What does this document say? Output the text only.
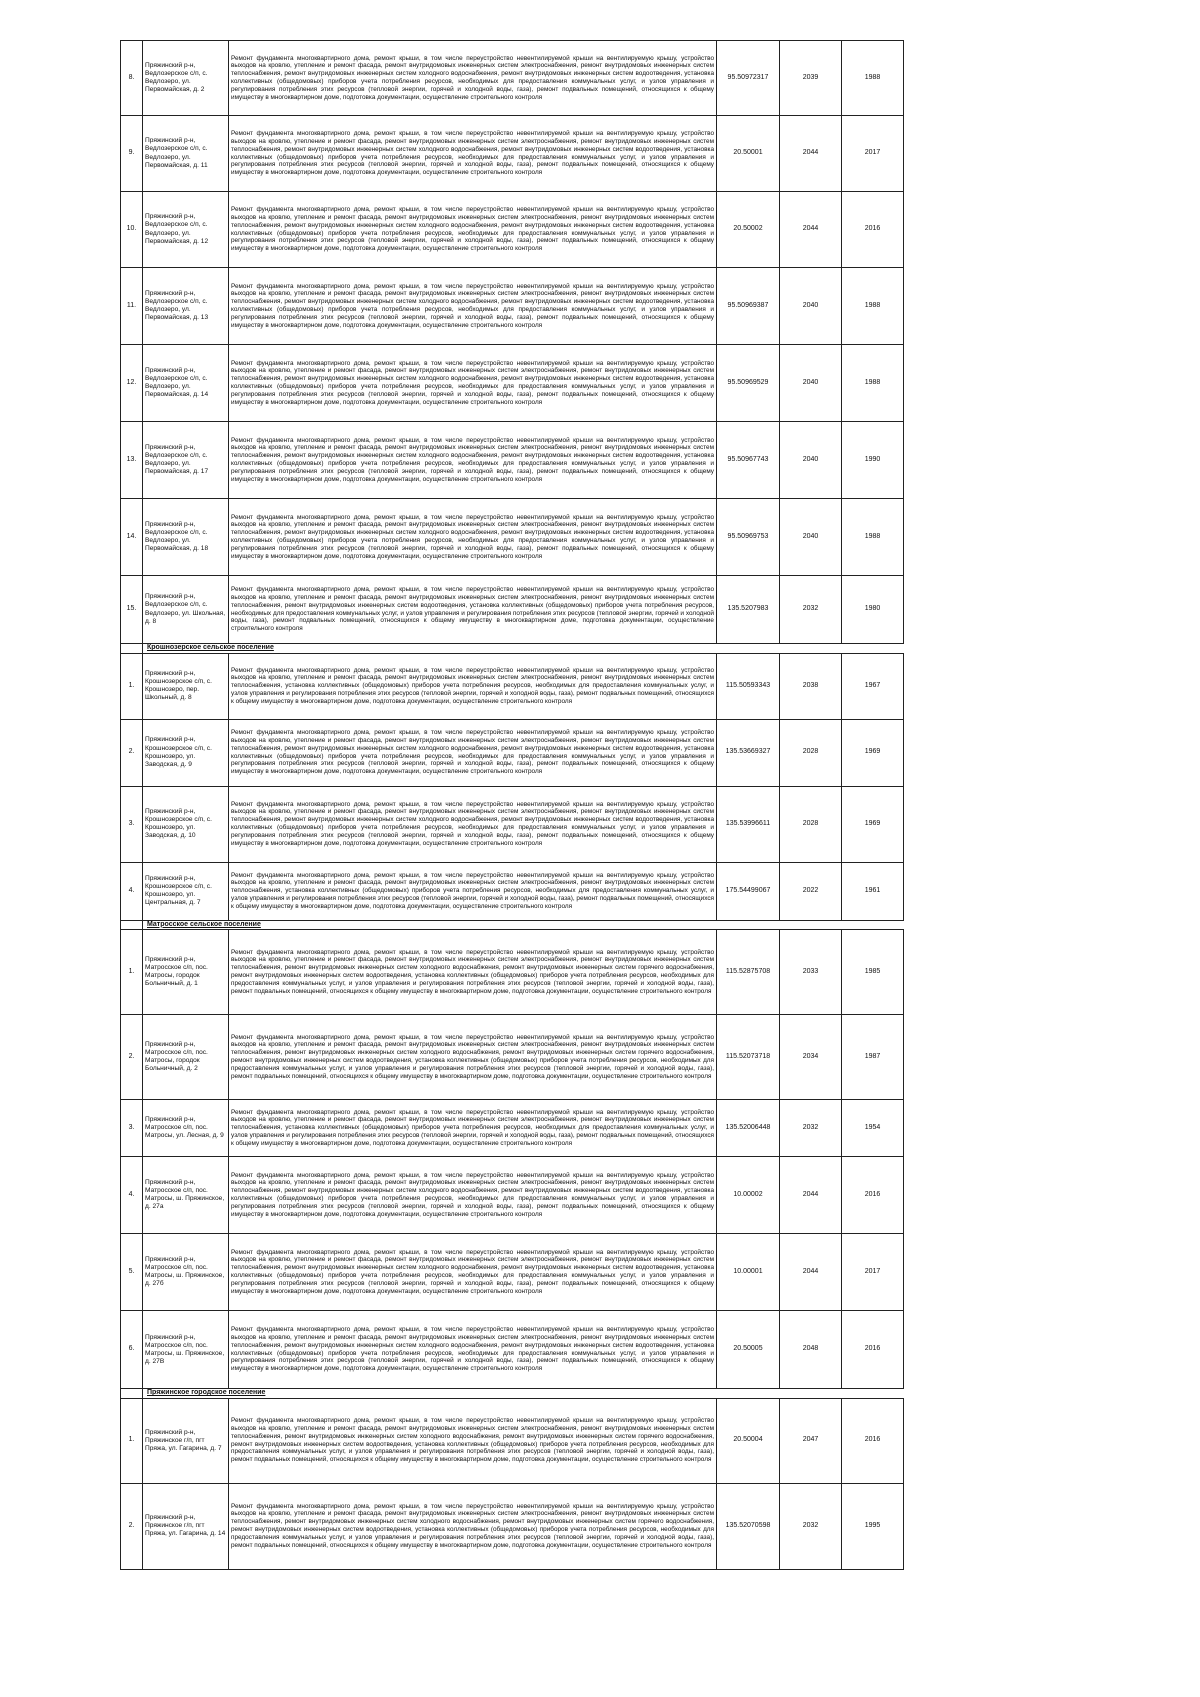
8.	Пряжинский р-н, Ведлозерское с/п, с. Ведлозеро, ул. Первомайская, д. 2	Ремонт фундамента многоквартирного дома, ремонт крыши, в том числе переустройство невентилируемой крыши на вентилируемую крышу, устройство выходов на кровлю, утепление и ремонт фасада, ремонт внутридомовых инженерных систем электроснабжения, ремонт внутридомовых инженерных систем теплоснабжения, ремонт внутридомовых инженерных систем холодного водоснабжения, ремонт внутридомовых инженерных систем водоотведения, установка коллективных (общедомовых) приборов учета потребления ресурсов, необходимых для предоставления коммунальных услуг, и узлов управления и регулирования потребления этих ресурсов (тепловой энергии, горячей и холодной воды, газа), ремонт подвальных помещений, относящихся к общему имуществу в многоквартирном доме, подготовка документации, осуществление строительного контроля	95.50972317	2039	1988
9.	Пряжинский р-н, Ведлозерское с/п, с. Ведлозеро, ул. Первомайская, д. 11	Ремонт фундамента многоквартирного дома, ремонт крыши, в том числе переустройство невентилируемой крыши на вентилируемую крышу, устройство выходов на кровлю, утепление и ремонт фасада, ремонт внутридомовых инженерных систем электроснабжения, ремонт внутридомовых инженерных систем теплоснабжения, ремонт внутридомовых инженерных систем холодного водоснабжения, ремонт внутридомовых инженерных систем водоотведения, установка коллективных (общедомовых) приборов учета потребления ресурсов, необходимых для предоставления коммунальных услуг, и узлов управления и регулирования потребления этих ресурсов (тепловой энергии, горячей и холодной воды, газа), ремонт подвальных помещений, относящихся к общему имуществу в многоквартирном доме, подготовка документации, осуществление строительного контроля	20.50001	2044	2017
10.	Пряжинский р-н, Ведлозерское с/п, с. Ведлозеро, ул. Первомайская, д. 12	Ремонт фундамента многоквартирного дома, ремонт крыши, в том числе переустройство невентилируемой крыши на вентилируемую крышу, устройство выходов на кровлю, утепление и ремонт фасада, ремонт внутридомовых инженерных систем электроснабжения, ремонт внутридомовых инженерных систем теплоснабжения, ремонт внутридомовых инженерных систем холодного водоснабжения, ремонт внутридомовых инженерных систем водоотведения, установка коллективных (общедомовых) приборов учета потребления ресурсов, необходимых для предоставления коммунальных услуг, и узлов управления и регулирования потребления этих ресурсов (тепловой энергии, горячей и холодной воды, газа), ремонт подвальных помещений, относящихся к общему имуществу в многоквартирном доме, подготовка документации, осуществление строительного контроля	20.50002	2044	2016
11.	Пряжинский р-н, Ведлозерское с/п, с. Ведлозеро, ул. Первомайская, д. 13	Ремонт фундамента многоквартирного дома, ремонт крыши, в том числе переустройство невентилируемой крыши на вентилируемую крышу, устройство выходов на кровлю, утепление и ремонт фасада, ремонт внутридомовых инженерных систем электроснабжения, ремонт внутридомовых инженерных систем теплоснабжения, ремонт внутридомовых инженерных систем холодного водоснабжения, ремонт внутридомовых инженерных систем водоотведения, установка коллективных (общедомовых) приборов учета потребления ресурсов, необходимых для предоставления коммунальных услуг, и узлов управления и регулирования потребления этих ресурсов (тепловой энергии, горячей и холодной воды, газа), ремонт подвальных помещений, относящихся к общему имуществу в многоквартирном доме, подготовка документации, осуществление строительного контроля	95.50969387	2040	1988
12.	Пряжинский р-н, Ведлозерское с/п, с. Ведлозеро, ул. Первомайская, д. 14	Ремонт фундамента многоквартирного дома, ремонт крыши, в том числе переустройство невентилируемой крыши на вентилируемую крышу, устройство выходов на кровлю, утепление и ремонт фасада, ремонт внутридомовых инженерных систем электроснабжения, ремонт внутридомовых инженерных систем теплоснабжения, ремонт внутридомовых инженерных систем холодного водоснабжения, ремонт внутридомовых инженерных систем водоотведения, установка коллективных (общедомовых) приборов учета потребления ресурсов, необходимых для предоставления коммунальных услуг, и узлов управления и регулирования потребления этих ресурсов (тепловой энергии, горячей и холодной воды, газа), ремонт подвальных помещений, относящихся к общему имуществу в многоквартирном доме, подготовка документации, осуществление строительного контроля	95.50969529	2040	1988
13.	Пряжинский р-н, Ведлозерское с/п, с. Ведлозеро, ул. Первомайская, д. 17	Ремонт фундамента многоквартирного дома, ремонт крыши, в том числе переустройство невентилируемой крыши на вентилируемую крышу, устройство выходов на кровлю, утепление и ремонт фасада, ремонт внутридомовых инженерных систем электроснабжения, ремонт внутридомовых инженерных систем теплоснабжения, ремонт внутридомовых инженерных систем холодного водоснабжения, ремонт внутридомовых инженерных систем водоотведения, установка коллективных (общедомовых) приборов учета потребления ресурсов, необходимых для предоставления коммунальных услуг, и узлов управления и регулирования потребления этих ресурсов (тепловой энергии, горячей и холодной воды, газа), ремонт подвальных помещений, относящихся к общему имуществу в многоквартирном доме, подготовка документации, осуществление строительного контроля	95.50967743	2040	1990
14.	Пряжинский р-н, Ведлозерское с/п, с. Ведлозеро, ул. Первомайская, д. 18	Ремонт фундамента многоквартирного дома, ремонт крыши, в том числе переустройство невентилируемой крыши на вентилируемую крышу, устройство выходов на кровлю, утепление и ремонт фасада, ремонт внутридомовых инженерных систем электроснабжения, ремонт внутридомовых инженерных систем теплоснабжения, ремонт внутридомовых инженерных систем холодного водоснабжения, ремонт внутридомовых инженерных систем водоотведения, установка коллективных (общедомовых) приборов учета потребления ресурсов, необходимых для предоставления коммунальных услуг, и узлов управления и регулирования потребления этих ресурсов (тепловой энергии, горячей и холодной воды, газа), ремонт подвальных помещений, относящихся к общему имуществу в многоквартирном доме, подготовка документации, осуществление строительного контроля	95.50969753	2040	1988
15.	Пряжинский р-н, Ведлозерское с/п, с. Ведлозеро, ул. Школьная, д. 8	Ремонт фундамента многоквартирного дома, ремонт крыши, в том числе переустройство невентилируемой крыши на вентилируемую крышу, устройство выходов на кровлю, утепление и ремонт фасада, ремонт внутридомовых инженерных систем электроснабжения, ремонт внутридомовых инженерных систем теплоснабжения, ремонт внутридомовых инженерных систем водоотведения, установка коллективных (общедомовых) приборов учета потребления ресурсов, необходимых для предоставления коммунальных услуг, и узлов управления и регулирования потребления этих ресурсов (тепловой энергии, горячей и холодной воды, газа), ремонт подвальных помещений, относящихся к общему имуществу в многоквартирном доме, подготовка документации, осуществление строительного контроля	135.5207983	2032	1980
	Крошнозерское сельское поселение				
1.	Пряжинский р-н, Крошнозерское с/п, с. Крошнозеро, пер. Школьный, д. 8	Ремонт фундамента многоквартирного дома, ремонт крыши, в том числе переустройство невентилируемой крыши на вентилируемую крышу, устройство выходов на кровлю, утепление и ремонт фасада, ремонт внутридомовых инженерных систем электроснабжения, ремонт внутридомовых инженерных систем теплоснабжения, установка коллективных (общедомовых) приборов учета потребления ресурсов, необходимых для предоставления коммунальных услуг, и узлов управления и регулирования потребления этих ресурсов (тепловой энергии, горячей и холодной воды, газа), ремонт подвальных помещений, относящихся к общему имуществу в многоквартирном доме, подготовка документации, осуществление строительного контроля	115.50593343	2038	1967
2.	Пряжинский р-н, Крошнозерское с/п, с. Крошнозеро, ул. Заводская, д. 9	Ремонт фундамента многоквартирного дома, ремонт крыши, в том числе переустройство невентилируемой крыши на вентилируемую крышу, устройство выходов на кровлю, утепление и ремонт фасада, ремонт внутридомовых инженерных систем электроснабжения, ремонт внутридомовых инженерных систем теплоснабжения, ремонт внутридомовых инженерных систем холодного водоснабжения, ремонт внутридомовых инженерных систем водоотведения, установка коллективных (общедомовых) приборов учета потребления ресурсов, необходимых для предоставления коммунальных услуг, и узлов управления и регулирования потребления этих ресурсов (тепловой энергии, горячей и холодной воды, газа), ремонт подвальных помещений, относящихся к общему имуществу в многоквартирном доме, подготовка документации, осуществление строительного контроля	135.53669327	2028	1969
3.	Пряжинский р-н, Крошнозерское с/п, с. Крошнозеро, ул. Заводская, д. 10	Ремонт фундамента многоквартирного дома, ремонт крыши, в том числе переустройство невентилируемой крыши на вентилируемую крышу, устройство выходов на кровлю, утепление и ремонт фасада, ремонт внутридомовых инженерных систем электроснабжения, ремонт внутридомовых инженерных систем теплоснабжения, ремонт внутридомовых инженерных систем холодного водоснабжения, ремонт внутридомовых инженерных систем водоотведения, установка коллективных (общедомовых) приборов учета потребления ресурсов, необходимых для предоставления коммунальных услуг, и узлов управления и регулирования потребления этих ресурсов (тепловой энергии, горячей и холодной воды, газа), ремонт подвальных помещений, относящихся к общему имуществу в многоквартирном доме, подготовка документации, осуществление строительного контроля	135.53996611	2028	1969
4.	Пряжинский р-н, Крошнозерское с/п, с. Крошнозеро, ул. Центральная, д. 7	Ремонт фундамента многоквартирного дома, ремонт крыши, в том числе переустройство невентилируемой крыши на вентилируемую крышу, устройство выходов на кровлю, утепление и ремонт фасада, ремонт внутридомовых инженерных систем электроснабжения, ремонт внутридомовых инженерных систем теплоснабжения, установка коллективных (общедомовых) приборов учета потребления ресурсов, необходимых для предоставления коммунальных услуг, и узлов управления и регулирования потребления этих ресурсов (тепловой энергии, горячей и холодной воды, газа), ремонт подвальных помещений, относящихся к общему имуществу в многоквартирном доме, подготовка документации, осуществление строительного контроля	175.54499067	2022	1961
	Матросское сельское поселение				
1.	Пряжинский р-н, Матросское с/п, пос. Матросы, городок Больничный, д. 1	Ремонт фундамента многоквартирного дома, ремонт крыши, в том числе переустройство невентилируемой крыши на вентилируемую крышу, устройство выходов на кровлю, утепление и ремонт фасада, ремонт внутридомовых инженерных систем электроснабжения, ремонт внутридомовых инженерных систем теплоснабжения, ремонт внутридомовых инженерных систем холодного водоснабжения, ремонт внутридомовых инженерных систем горячего водоснабжения, ремонт внутридомовых инженерных систем водоотведения, установка коллективных (общедомовых) приборов учета потребления ресурсов, необходимых для предоставления коммунальных услуг, и узлов управления и регулирования потребления этих ресурсов (тепловой энергии, горячей и холодной воды, газа), ремонт подвальных помещений, относящихся к общему имуществу в многоквартирном доме, подготовка документации, осуществление строительного контроля	115.52875708	2033	1985
2.	Пряжинский р-н, Матросское с/п, пос. Матросы, городок Больничный, д. 2	Ремонт фундамента многоквартирного дома, ремонт крыши, в том числе переустройство невентилируемой крыши на вентилируемую крышу, устройство выходов на кровлю, утепление и ремонт фасада, ремонт внутридомовых инженерных систем электроснабжения, ремонт внутридомовых инженерных систем теплоснабжения, ремонт внутридомовых инженерных систем холодного водоснабжения, ремонт внутридомовых инженерных систем горячего водоснабжения, ремонт внутридомовых инженерных систем водоотведения, установка коллективных (общедомовых) приборов учета потребления ресурсов, необходимых для предоставления коммунальных услуг, и узлов управления и регулирования потребления этих ресурсов (тепловой энергии, горячей и холодной воды, газа), ремонт подвальных помещений, относящихся к общему имуществу в многоквартирном доме, подготовка документации, осуществление строительного контроля	115.52073718	2034	1987
3.	Пряжинский р-н, Матросское с/п, пос. Матросы, ул. Лесная, д. 9	Ремонт фундамента многоквартирного дома, ремонт крыши, в том числе переустройство невентилируемой крыши на вентилируемую крышу, устройство выходов на кровлю, утепление и ремонт фасада, ремонт внутридомовых инженерных систем электроснабжения, ремонт внутридомовых инженерных систем теплоснабжения, установка коллективных (общедомовых) приборов учета потребления ресурсов, необходимых для предоставления коммунальных услуг, и узлов управления и регулирования потребления этих ресурсов (тепловой энергии, горячей и холодной воды, газа), ремонт подвальных помещений, относящихся к общему имуществу в многоквартирном доме, подготовка документации, осуществление строительного контроля	135.52006448	2032	1954
4.	Пряжинский р-н, Матросское с/п, пос. Матросы, ш. Пряжинское, д. 27а	Ремонт фундамента многоквартирного дома, ремонт крыши, в том числе переустройство невентилируемой крыши на вентилируемую крышу, устройство выходов на кровлю, утепление и ремонт фасада, ремонт внутридомовых инженерных систем электроснабжения, ремонт внутридомовых инженерных систем теплоснабжения, ремонт внутридомовых инженерных систем холодного водоснабжения, ремонт внутридомовых инженерных систем водоотведения, установка коллективных (общедомовых) приборов учета потребления ресурсов, необходимых для предоставления коммунальных услуг, и узлов управления и регулирования потребления этих ресурсов (тепловой энергии, горячей и холодной воды, газа), ремонт подвальных помещений, относящихся к общему имуществу в многоквартирном доме, подготовка документации, осуществление строительного контроля	10.00002	2044	2016
5.	Пряжинский р-н, Матросское с/п, пос. Матросы, ш. Пряжинское, д. 27б	Ремонт фундамента многоквартирного дома, ремонт крыши, в том числе переустройство невентилируемой крыши на вентилируемую крышу, устройство выходов на кровлю, утепление и ремонт фасада, ремонт внутридомовых инженерных систем электроснабжения, ремонт внутридомовых инженерных систем теплоснабжения, ремонт внутридомовых инженерных систем холодного водоснабжения, ремонт внутридомовых инженерных систем водоотведения, установка коллективных (общедомовых) приборов учета потребления ресурсов, необходимых для предоставления коммунальных услуг, и узлов управления и регулирования потребления этих ресурсов (тепловой энергии, горячей и холодной воды, газа), ремонт подвальных помещений, относящихся к общему имуществу в многоквартирном доме, подготовка документации, осуществление строительного контроля	10.00001	2044	2017
6.	Пряжинский р-н, Матросское с/п, пос. Матросы, ш. Пряжинское, д. 27В	Ремонт фундамента многоквартирного дома, ремонт крыши, в том числе переустройство невентилируемой крыши на вентилируемую крышу, устройство выходов на кровлю, утепление и ремонт фасада, ремонт внутридомовых инженерных систем электроснабжения, ремонт внутридомовых инженерных систем теплоснабжения, ремонт внутридомовых инженерных систем холодного водоснабжения, ремонт внутридомовых инженерных систем водоотведения, установка коллективных (общедомовых) приборов учета потребления ресурсов, необходимых для предоставления коммунальных услуг, и узлов управления и регулирования потребления этих ресурсов (тепловой энергии, горячей и холодной воды, газа), ремонт подвальных помещений, относящихся к общему имуществу в многоквартирном доме, подготовка документации, осуществление строительного контроля	20.50005	2048	2016
	Пряжинское городское поселение				
1.	Пряжинский р-н, Пряжинское г/п, пгт Пряжа, ул. Гагарина, д. 7	Ремонт фундамента многоквартирного дома, ремонт крыши, в том числе переустройство невентилируемой крыши на вентилируемую крышу, устройство выходов на кровлю, утепление и ремонт фасада, ремонт внутридомовых инженерных систем электроснабжения, ремонт внутридомовых инженерных систем теплоснабжения, ремонт внутридомовых инженерных систем холодного водоснабжения, ремонт внутридомовых инженерных систем горячего водоснабжения, ремонт внутридомовых инженерных систем водоотведения, установка коллективных (общедомовых) приборов учета потребления ресурсов, необходимых для предоставления коммунальных услуг, и узлов управления и регулирования потребления этих ресурсов (тепловой энергии, горячей и холодной воды, газа), ремонт подвальных помещений, относящихся к общему имуществу в многоквартирном доме, подготовка документации, осуществление строительного контроля	20.50004	2047	2016
2.	Пряжинский р-н, Пряжинское г/п, пгт Пряжа, ул. Гагарина, д. 14	Ремонт фундамента многоквартирного дома, ремонт крыши, в том числе переустройство невентилируемой крыши на вентилируемую крышу, устройство выходов на кровлю, утепление и ремонт фасада, ремонт внутридомовых инженерных систем электроснабжения, ремонт внутридомовых инженерных систем теплоснабжения, ремонт внутридомовых инженерных систем холодного водоснабжения, ремонт внутридомовых инженерных систем горячего водоснабжения, ремонт внутридомовых инженерных систем водоотведения, установка коллективных (общедомовых) приборов учета потребления ресурсов, необходимых для предоставления коммунальных услуг, и узлов управления и регулирования потребления этих ресурсов (тепловой энергии, горячей и холодной воды, газа), ремонт подвальных помещений, относящихся к общему имуществу в многоквартирном доме, подготовка документации, осуществление строительного контроля	135.52070598	2032	1995
